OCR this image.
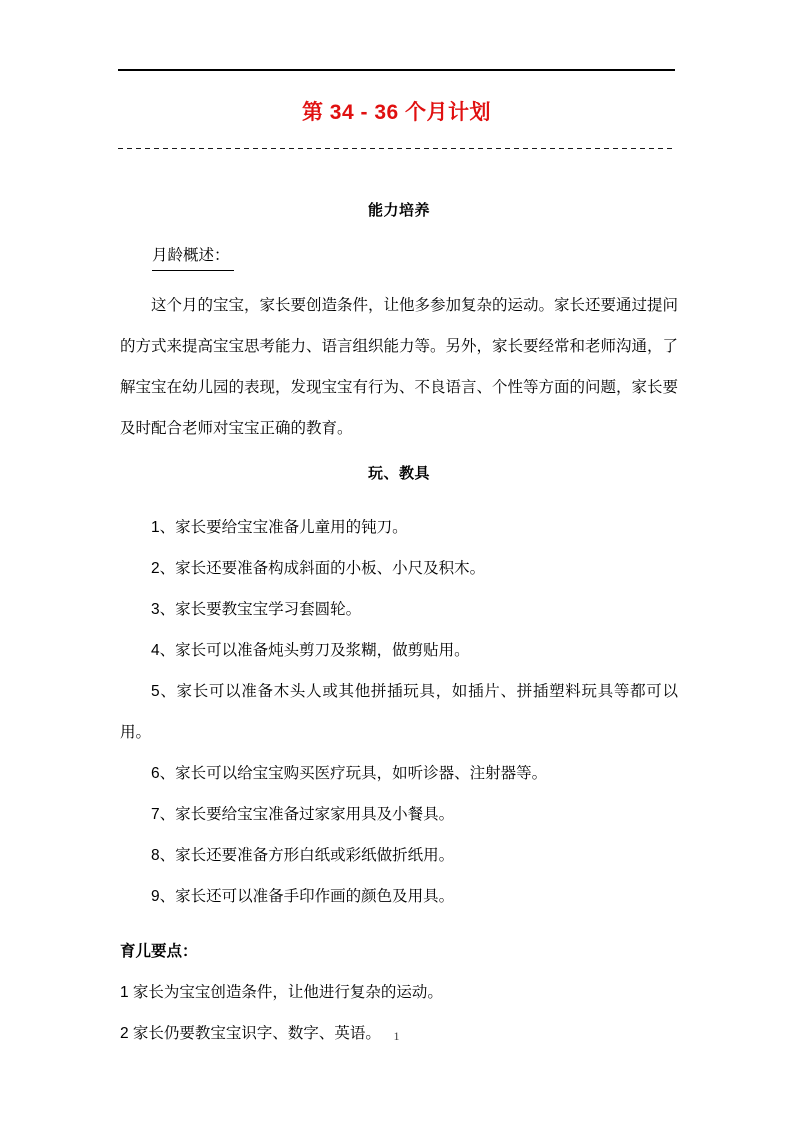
第 34 - 36 个月计划
能力培养
月龄概述：

这个月的宝宝，家长要创造条件，让他多参加复杂的运动。家长还要通过提问的方式来提高宝宝思考能力、语言组织能力等。另外，家长要经常和老师沟通，了解宝宝在幼儿园的表现，发现宝宝有行为、不良语言、个性等方面的问题，家长要及时配合老师对宝宝正确的教育。

玩、教具
1、家长要给宝宝准备儿童用的钝刀。
2、家长还要准备构成斜面的小板、小尺及积木。
3、家长要教宝宝学习套圆轮。
4、家长可以准备炖头剪刀及浆糊，做剪贴用。
5、家长可以准备木头人或其他拼插玩具，如插片、拼插塑料玩具等都可以用。
6、家长可以给宝宝购买医疗玩具，如听诊器、注射器等。
7、家长要给宝宝准备过家家用具及小餐具。
8、家长还要准备方形白纸或彩纸做折纸用。
9、家长还可以准备手印作画的颜色及用具。

育儿要点：

1 家长为宝宝创造条件，让他进行复杂的运动。
2 家长仍要教宝宝识字、数字、英语。	1
